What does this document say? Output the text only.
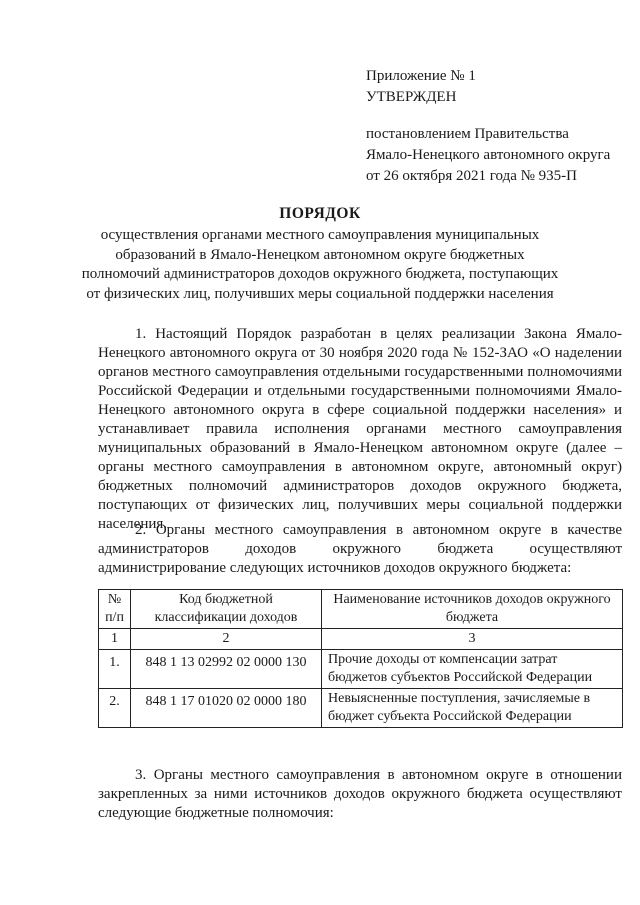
Приложение № 1
УТВЕРЖДЕН
постановлением Правительства
Ямало-Ненецкого автономного округа
от 26 октября 2021 года № 935-П
ПОРЯДОК
осуществления органами местного самоуправления муниципальных образований в Ямало-Ненецком автономном округе бюджетных полномочий администраторов доходов окружного бюджета, поступающих от физических лиц, получивших меры социальной поддержки населения

1. Настоящий Порядок разработан в целях реализации Закона Ямало-Ненецкого автономного округа от 30 ноября 2020 года № 152-ЗАО «О наделении органов местного самоуправления отдельными государственными полномочиями Российской Федерации и отдельными государственными полномочиями Ямало-Ненецкого автономного округа в сфере социальной поддержки населения» и устанавливает правила исполнения органами местного самоуправления муниципальных образований в Ямало-Ненецком автономном округе (далее – органы местного самоуправления в автономном округе, автономный округ) бюджетных полномочий администраторов доходов окружного бюджета, поступающих от физических лиц, получивших меры социальной поддержки населения.

2. Органы местного самоуправления в автономном округе в качестве администраторов доходов окружного бюджета осуществляют администрирование следующих источников доходов окружного бюджета:

№ п/п	Код бюджетной классификации доходов	Наименование источников доходов окружного бюджета
1	2	3
1.	848 1 13 02992 02 0000 130	Прочие доходы от компенсации затрат бюджетов субъектов Российской Федерации
2.	848 1 17 01020 02 0000 180	Невыясненные поступления, зачисляемые в бюджет субъекта Российской Федерации

3. Органы местного самоуправления в автономном округе в отношении закрепленных за ними источников доходов окружного бюджета осуществляют следующие бюджетные полномочия:
